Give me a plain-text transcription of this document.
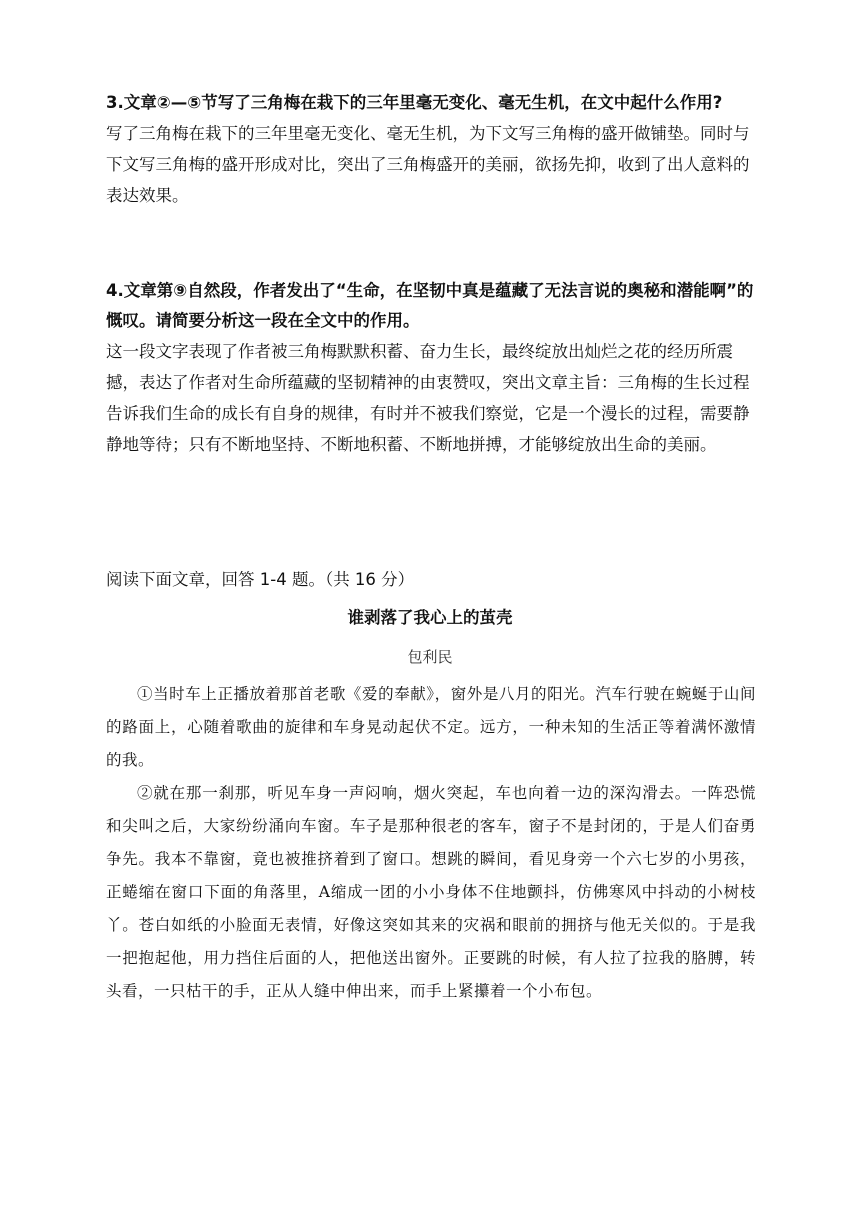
3.文章②—⑤节写了三角梅在栽下的三年里毫无变化、毫无生机，在文中起什么作用?

写了三角梅在栽下的三年里毫无变化、毫无生机，为下文写三角梅的盛开做铺垫。同时与下文写三角梅的盛开形成对比，突出了三角梅盛开的美丽，欲扬先抑，收到了出人意料的表达效果。

4.文章第⑨自然段，作者发出了“生命，在坚韧中真是蕴藏了无法言说的奥秘和潜能啊”的慨叹。请简要分析这一段在全文中的作用。

这一段文字表现了作者被三角梅默默积蓄、奋力生长，最终绽放出灿烂之花的经历所震撼，表达了作者对生命所蕴藏的坚韧精神的由衷赞叹，突出文章主旨：三角梅的生长过程告诉我们生命的成长有自身的规律，有时并不被我们察觉，它是一个漫长的过程，需要静静地等待；只有不断地坚持、不断地积蓄、不断地拼搏，才能够绽放出生命的美丽。

阅读下面文章，回答 1-4 题。（共 16 分）

谁剥落了我心上的茧壳

包利民

①当时车上正播放着那首老歌《爱的奉献》，窗外是八月的阳光。汽车行驶在蜿蜒于山间的路面上，心随着歌曲的旋律和车身晃动起伏不定。远方，一种未知的生活正等着满怀激情的我。

②就在那一刹那，听见车身一声闷响，烟火突起，车也向着一边的深沟滑去。一阵恐慌和尖叫之后，大家纷纷涌向车窗。车子是那种很老的客车，窗子不是封闭的，于是人们奋勇争先。我本不靠窗，竟也被推挤着到了窗口。想跳的瞬间，看见身旁一个六七岁的小男孩，正蜷缩在窗口下面的角落里，A缩成一团的小小身体不住地颤抖，仿佛寒风中抖动的小树枝丫。苍白如纸的小脸面无表情，好像这突如其来的灾祸和眼前的拥挤与他无关似的。于是我一把抱起他，用力挡住后面的人，把他送出窗外。正要跳的时候，有人拉了拉我的胳膊，转头看，一只枯干的手，正从人缝中伸出来，而手上紧攥着一个小布包。
